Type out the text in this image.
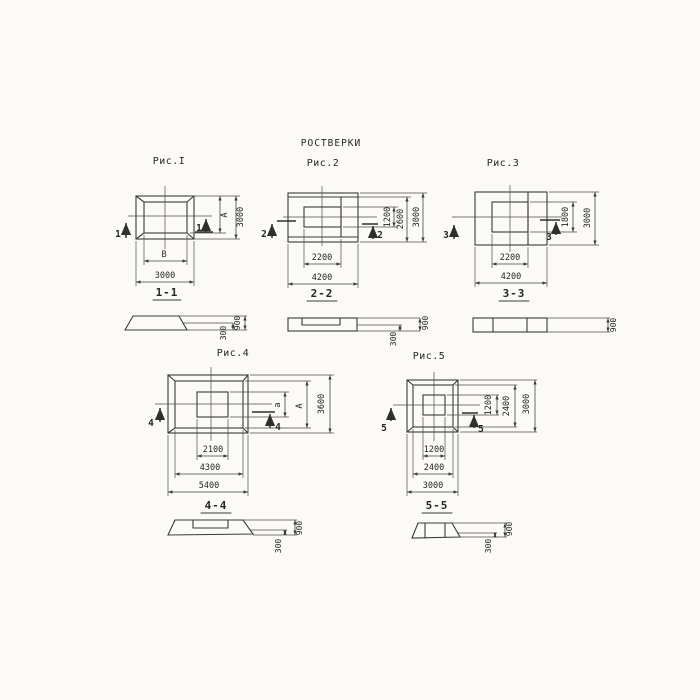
РОСТВЕРКИ
Рис.I
А 3000
В
3000
1
1
1-1
300
900
Рис.2
1200 2600 3000
2200
4200
2	2
2-2
300
900
Рис.3
1800 3000
2200
4200
3	3
3-3
900
Рис.4
а А 3600
2100
4300
5400
4	4
4-4
300
900
Рис.5
1200 2400 3000
1200
2400
3000
5	5
5-5
300
900
